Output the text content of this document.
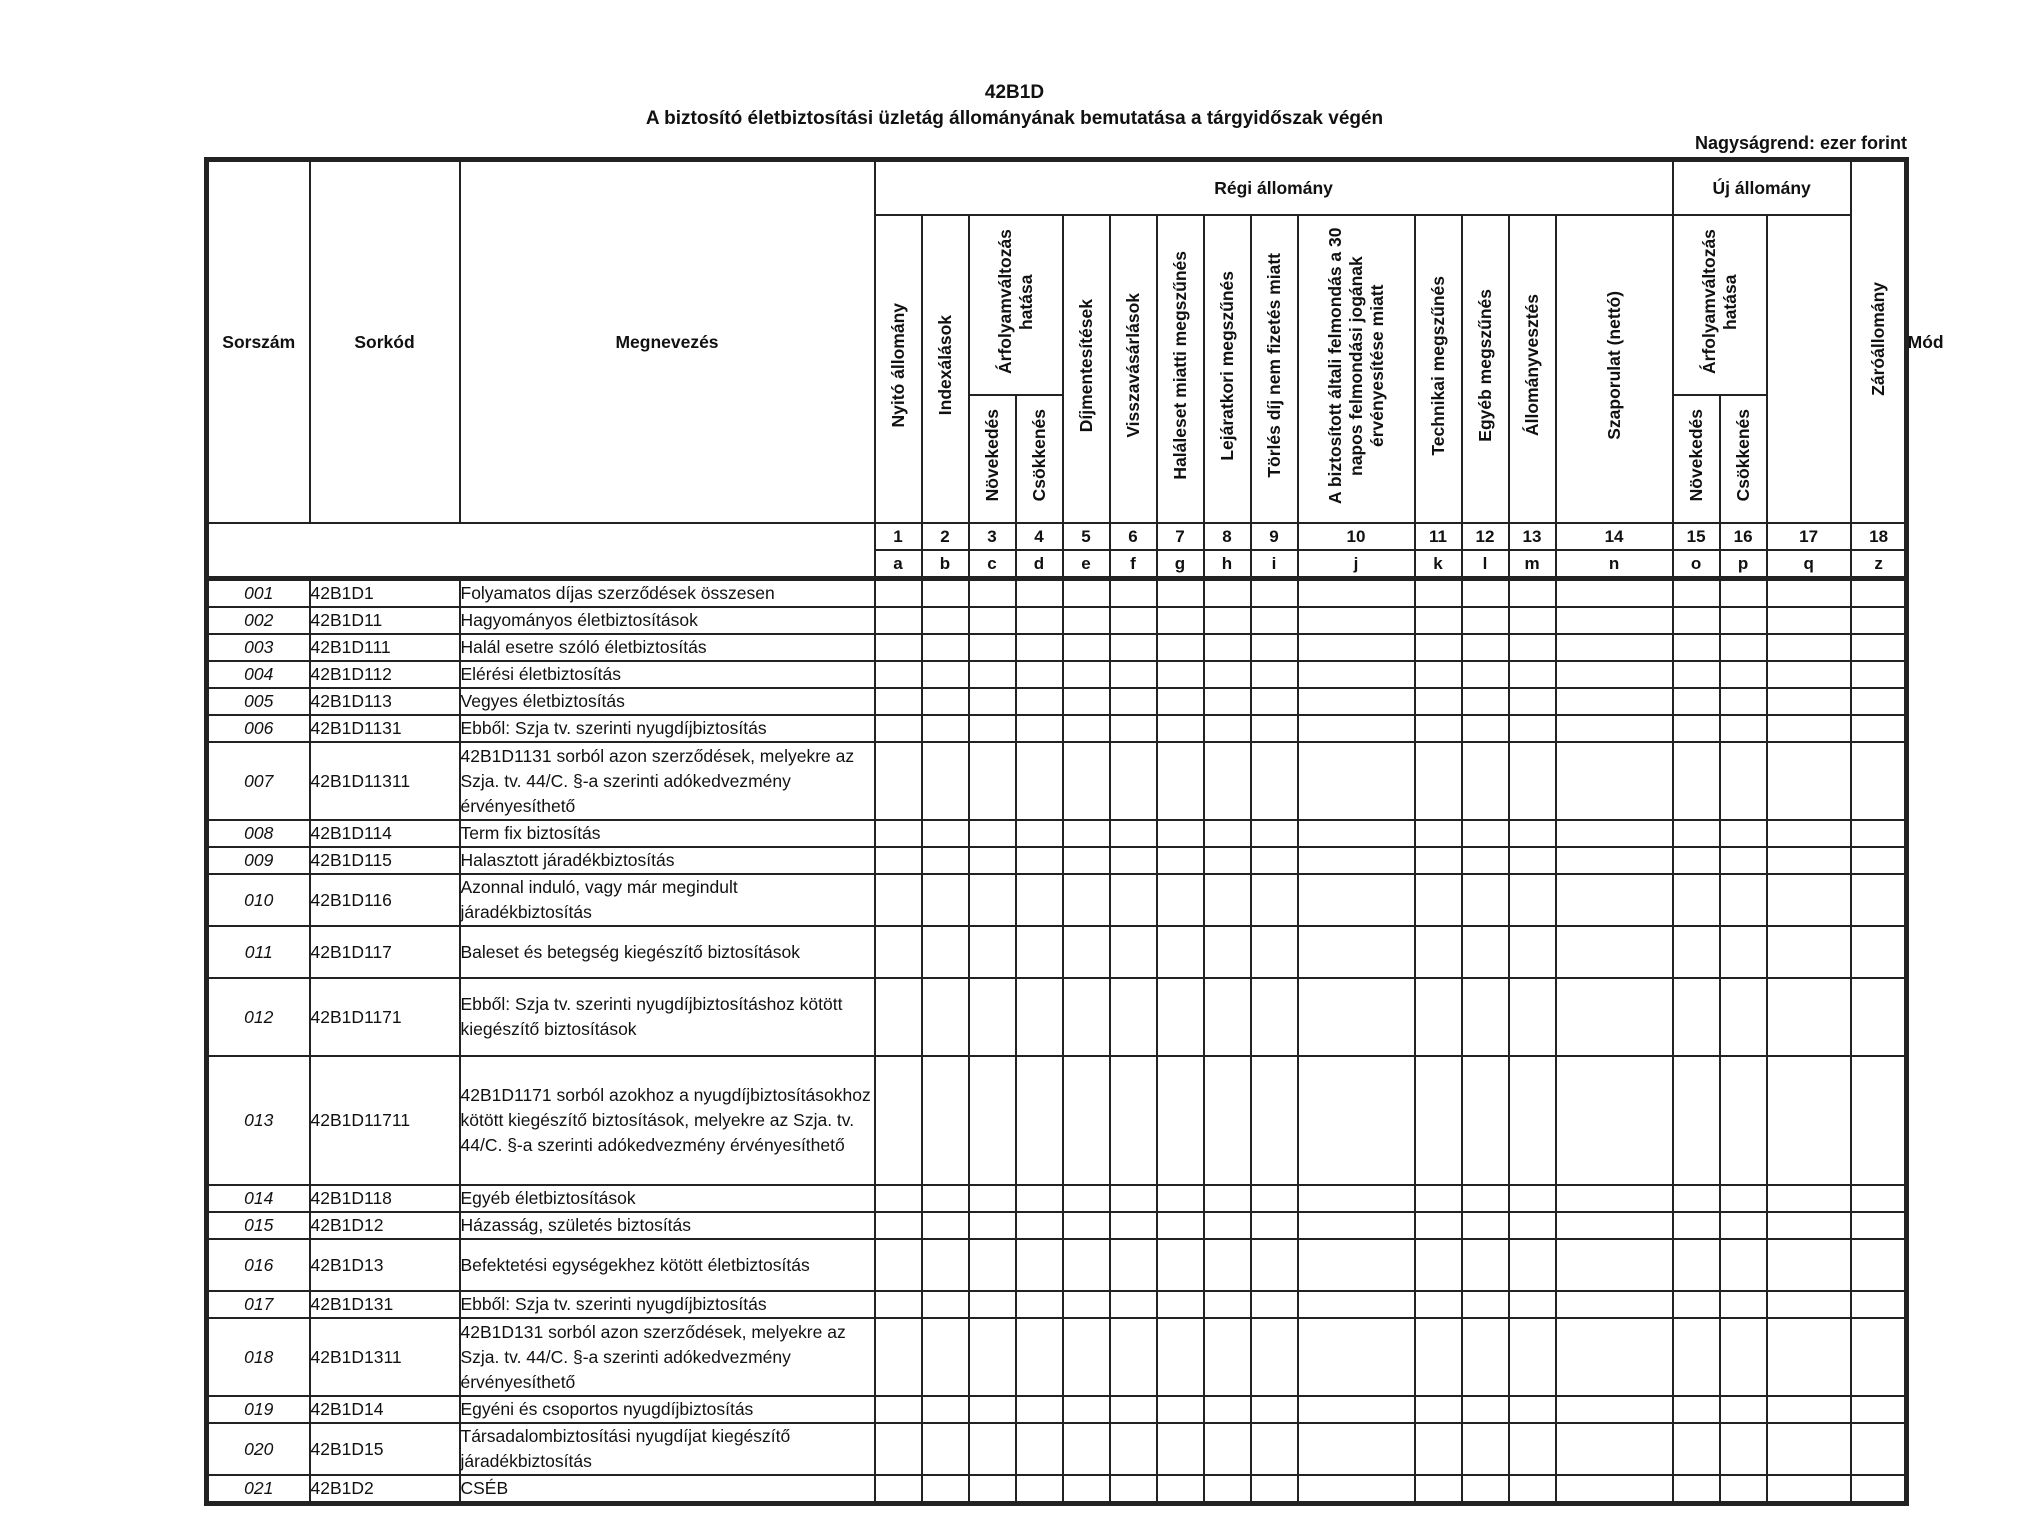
42B1D
A biztosító életbiztosítási üzletág állományának bemutatása a tárgyidőszak végén
Nagyságrend: ezer forint
Sorszám	Sorkód	Megnevezés	Régi állomány														Új állomány			Záróállomány	Mód
			Nyitó állomány	Indexálások	Árfolyamváltozás hatása		Díjmentesítések	Visszavásárlások	Haláleset miatti megszűnés	Lejáratkori megszűnés	Törlés díj nem fizetés miatt	A biztosított általi felmondás a 30 napos felmondási jogának érvényesítése miatt	Technikai megszűnés	Egyéb megszűnés	Állományvesztés	Szaporulat (nettó)	Árfolyamváltozás hatása				
					Növekedés	Csökkenés											Növekedés	Csökkenés			
			1	2	3	4	5	6	7	8	9	10	11	12	13	14	15	16	17	18	
			a	b	c	d	e	f	g	h	i	j	k	l	m	n	o	p	q	z	
001	42B1D1	Folyamatos díjas szerződések összesen																			
002	42B1D11	Hagyományos életbiztosítások																			
003	42B1D111	Halál esetre szóló életbiztosítás																			
004	42B1D112	Elérési életbiztosítás																			
005	42B1D113	Vegyes életbiztosítás																			
006	42B1D1131	Ebből: Szja tv. szerinti nyugdíjbiztosítás																			
007	42B1D11311	42B1D1131 sorból azon szerződések, melyekre az Szja. tv. 44/C. §-a szerinti adókedvezmény érvényesíthető																			
008	42B1D114	Term fix biztosítás																			
009	42B1D115	Halasztott járadékbiztosítás																			
010	42B1D116	Azonnal induló, vagy már megindult járadékbiztosítás																			
011	42B1D117	Baleset és betegség kiegészítő biztosítások																			
012	42B1D1171	Ebből: Szja tv. szerinti nyugdíjbiztosításhoz kötött kiegészítő biztosítások																			
013	42B1D11711	42B1D1171 sorból azokhoz a nyugdíjbiztosításokhoz kötött kiegészítő biztosítások, melyekre az Szja. tv. 44/C. §-a szerinti adókedvezmény érvényesíthető																			
014	42B1D118	Egyéb életbiztosítások																			
015	42B1D12	Házasság, születés biztosítás																			
016	42B1D13	Befektetési egységekhez kötött életbiztosítás																			
017	42B1D131	Ebből: Szja tv. szerinti nyugdíjbiztosítás																			
018	42B1D1311	42B1D131 sorból azon szerződések, melyekre az Szja. tv. 44/C. §-a szerinti adókedvezmény érvényesíthető																			
019	42B1D14	Egyéni és csoportos nyugdíjbiztosítás																			
020	42B1D15	Társadalombiztosítási nyugdíjat kiegészítő járadékbiztosítás																			
021	42B1D2	CSÉB																			
